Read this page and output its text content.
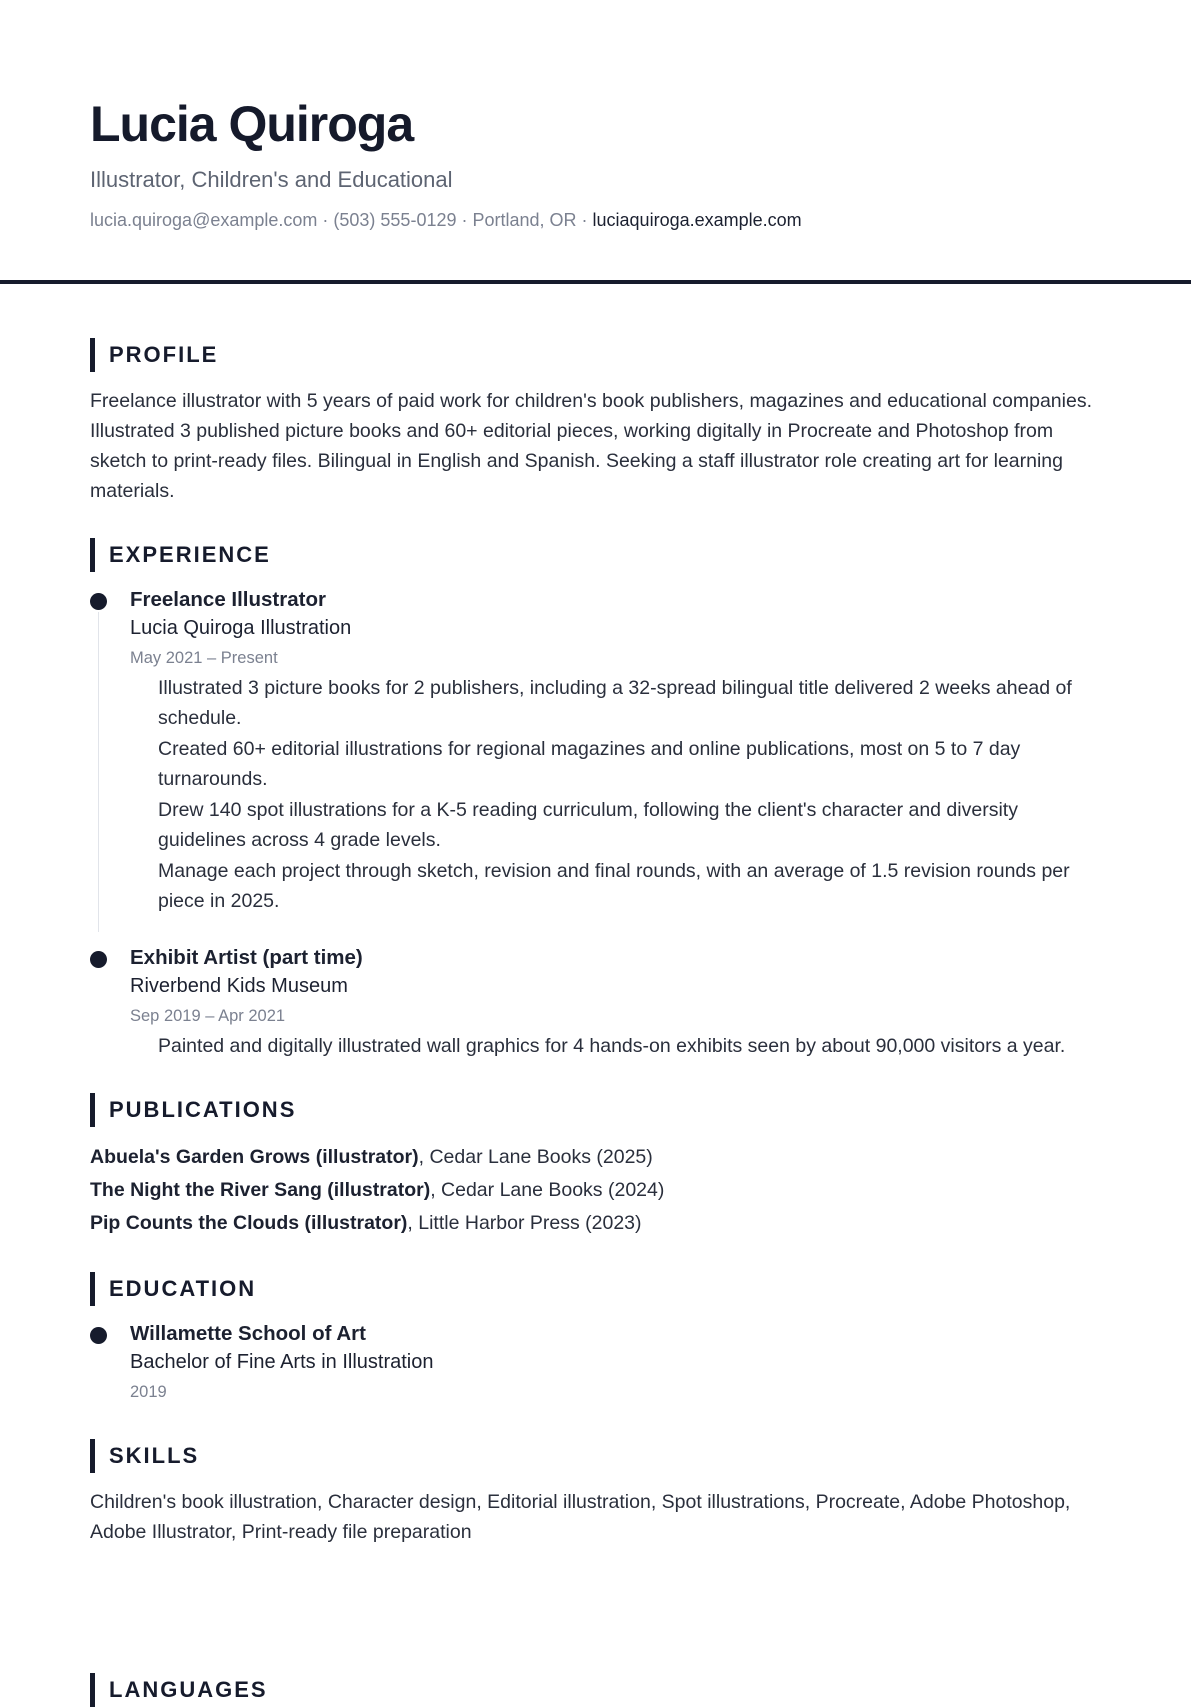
Lucia Quiroga
Illustrator, Children's and Educational
lucia.quiroga@example.com · (503) 555-0129 · Portland, OR · luciaquiroga.example.com
PROFILE

Freelance illustrator with 5 years of paid work for children's book publishers, magazines and educational companies. Illustrated 3 published picture books and 60+ editorial pieces, working digitally in Procreate and Photoshop from sketch to print-ready files. Bilingual in English and Spanish. Seeking a staff illustrator role creating art for learning materials.

EXPERIENCE
Freelance Illustrator
Lucia Quiroga Illustration
May 2021 – Present
Illustrated 3 picture books for 2 publishers, including a 32-spread bilingual title delivered 2 weeks ahead of schedule.
Created 60+ editorial illustrations for regional magazines and online publications, most on 5 to 7 day turnarounds.
Drew 140 spot illustrations for a K-5 reading curriculum, following the client's character and diversity guidelines across 4 grade levels.
Manage each project through sketch, revision and final rounds, with an average of 1.5 revision rounds per piece in 2025.
Exhibit Artist (part time)
Riverbend Kids Museum
Sep 2019 – Apr 2021
Painted and digitally illustrated wall graphics for 4 hands-on exhibits seen by about 90,000 visitors a year.
PUBLICATIONS
Abuela's Garden Grows (illustrator), Cedar Lane Books (2025)
The Night the River Sang (illustrator), Cedar Lane Books (2024)
Pip Counts the Clouds (illustrator), Little Harbor Press (2023)
EDUCATION
Willamette School of Art
Bachelor of Fine Arts in Illustration
2019
SKILLS

Children's book illustration, Character design, Editorial illustration, Spot illustrations, Procreate, Adobe Photoshop, Adobe Illustrator, Print-ready file preparation

LANGUAGES
